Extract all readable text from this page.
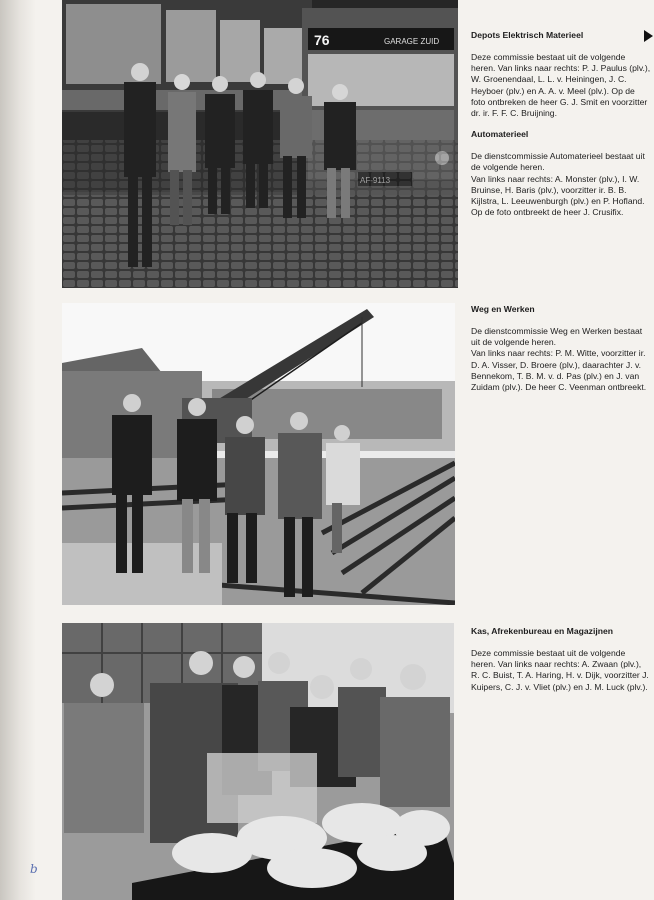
76	GARAGE ZUID
Depots Elektrisch Materieel

Deze commissie bestaat uit de volgende heren. Van links naar rechts: P. J. Paulus (plv.), W. Groenendaal, L. L. v. Heiningen, J. C. Heyboer (plv.) en A. A. v. Meel (plv.). Op de foto ontbreken de heer G. J. Smit en voorzitter dr. ir. F. F. C. Bruijning.

Automaterieel

De dienstcommissie Automaterieel bestaat uit de volgende heren.

Van links naar rechts: A. Monster (plv.), I. W. Bruinse, H. Baris (plv.), voorzitter ir. B. B. Kijlstra, L. Leeuwenburgh (plv.) en P. Hofland. Op de foto ontbreekt de heer J. Crusifix.

Weg en Werken

De dienstcommissie Weg en Werken bestaat uit de volgende heren.

Van links naar rechts: P. M. Witte, voorzitter ir. D. A. Visser, D. Broere (plv.), daarachter J. v. Bennekom, T. B. M. v. d. Pas (plv.) en J. van Zuidam (plv.). De heer C. Veenman ontbreekt.

Kas, Afrekenbureau en Magazijnen

Deze commissie bestaat uit de volgende heren. Van links naar rechts: A. Zwaan (plv.), R. C. Buist, T. A. Haring, H. v. Dijk, voorzitter J. Kuipers, C. J. v. Vliet (plv.) en J. M. Luck (plv.).

b
